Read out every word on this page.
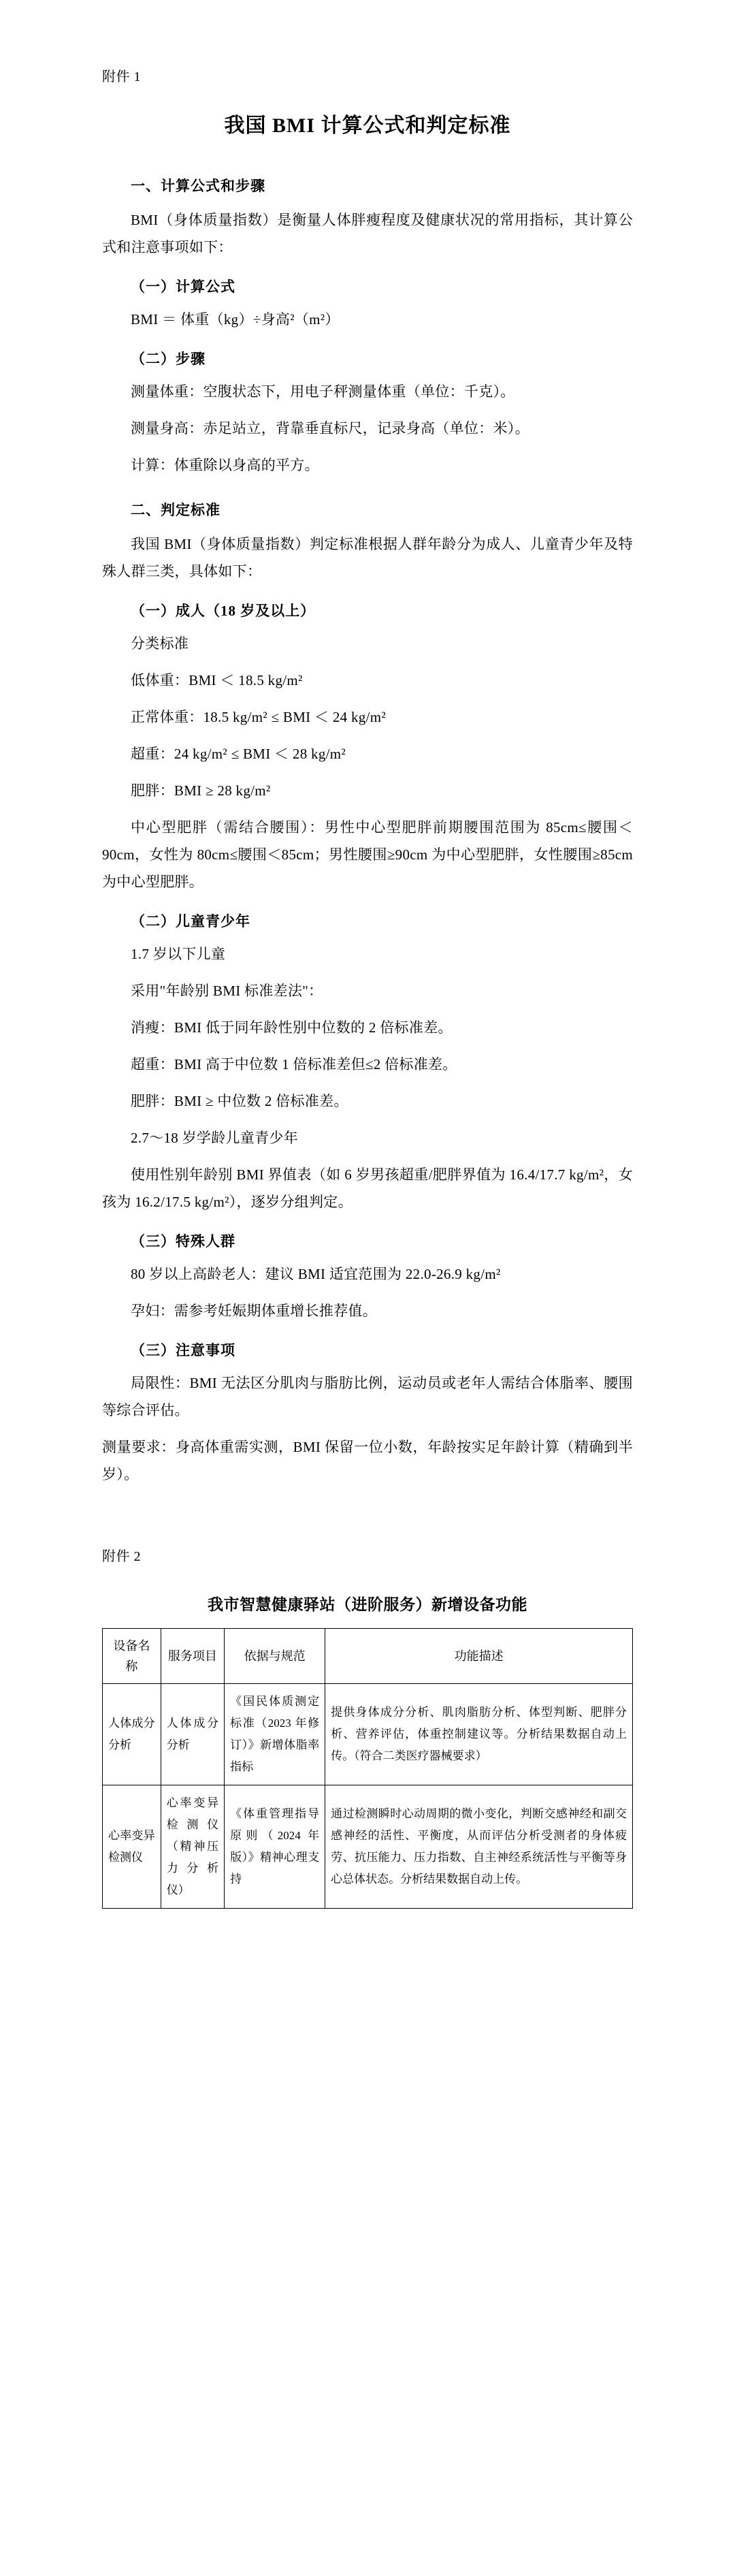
附件 1
我国 BMI 计算公式和判定标准
一、计算公式和步骤

BMI（身体质量指数）是衡量人体胖瘦程度及健康状况的常用指标，其计算公式和注意事项如下：

（一）计算公式

BMI ＝ 体重（kg）÷身高²（m²）

（二）步骤

测量体重：空腹状态下，用电子秤测量体重（单位：千克）。

测量身高：赤足站立，背靠垂直标尺，记录身高（单位：米）。

计算：体重除以身高的平方。

二、判定标准

我国 BMI（身体质量指数）判定标准根据人群年龄分为成人、儿童青少年及特殊人群三类，具体如下：

（一）成人（18 岁及以上）

分类标准

低体重：BMI ＜ 18.5 kg/m²

正常体重：18.5 kg/m² ≤ BMI ＜ 24 kg/m²

超重：24 kg/m² ≤ BMI ＜ 28 kg/m²

肥胖：BMI ≥ 28 kg/m²

中心型肥胖（需结合腰围）：男性中心型肥胖前期腰围范围为 85cm≤腰围＜90cm，女性为 80cm≤腰围＜85cm；男性腰围≥90cm 为中心型肥胖，女性腰围≥85cm 为中心型肥胖。

（二）儿童青少年

1.7 岁以下儿童

采用"年龄别 BMI 标准差法"：

消瘦：BMI 低于同年龄性别中位数的 2 倍标准差。

超重：BMI 高于中位数 1 倍标准差但≤2 倍标准差。

肥胖：BMI ≥ 中位数 2 倍标准差。

2.7～18 岁学龄儿童青少年

使用性别年龄别 BMI 界值表（如 6 岁男孩超重/肥胖界值为 16.4/17.7 kg/m²，女孩为 16.2/17.5 kg/m²），逐岁分组判定。

（三）特殊人群

80 岁以上高龄老人：建议 BMI 适宜范围为 22.0-26.9 kg/m²

孕妇：需参考妊娠期体重增长推荐值。

（三）注意事项

局限性：BMI 无法区分肌肉与脂肪比例，运动员或老年人需结合体脂率、腰围等综合评估。

测量要求：身高体重需实测，BMI 保留一位小数，年龄按实足年龄计算（精确到半岁）。

附件 2
我市智慧健康驿站（进阶服务）新增设备功能
设备名称	服务项目	依据与规范	功能描述
人体成分分析	人体成分分析	《国民体质测定标准（2023 年修订）》新增体脂率指标	提供身体成分分析、肌肉脂肪分析、体型判断、肥胖分析、营养评估，体重控制建议等。分析结果数据自动上传。（符合二类医疗器械要求）
心率变异检测仪	心率变异检测仪（精神压力分析仪）	《体重管理指导原则（2024 年版）》精神心理支持	通过检测瞬时心动周期的微小变化，判断交感神经和副交感神经的活性、平衡度，从而评估分析受测者的身体疲劳、抗压能力、压力指数、自主神经系统活性与平衡等身心总体状态。分析结果数据自动上传。
